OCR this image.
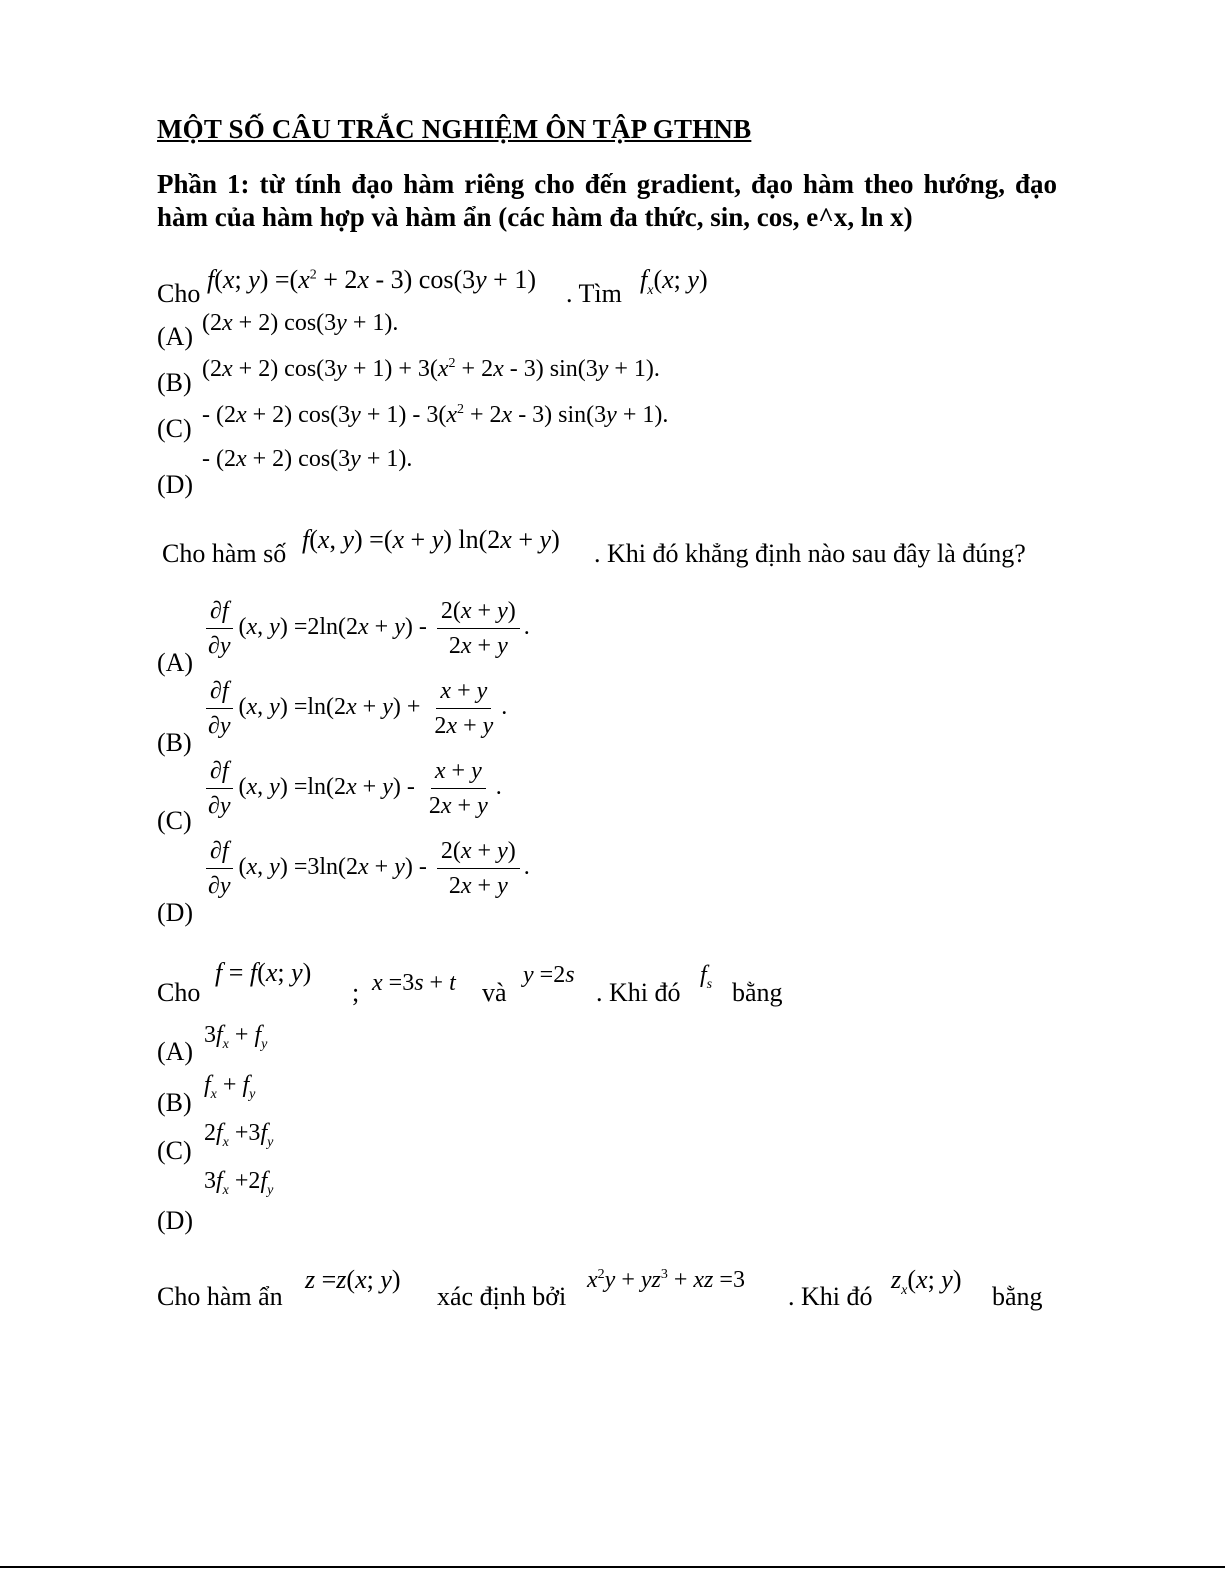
MỘT SỐ CÂU TRẮC NGHIỆM ÔN TẬP GTHNB
Phần 1: từ tính đạo hàm riêng cho đến gradient, đạo hàm theo hướng, đạo hàm của hàm hợp và hàm ẩn (các hàm đa thức, sin, cos, e^x, ln x)
Cho f(x; $y) =(x^2 + 2x - 3) \cos(3y + 1)$ . Tìm $f_x(x$; y)
(A) (2x + 2) cos(3y + 1).
(B) (2x + 2) $\cos(3y + 1) + 3(x^2 + 2x - 3) \sin(3y + 1)$.
(C) - (2x + 2) $\cos(3y + 1) - 3(x^2 + 2x - 3) \sin(3y + 1)$.
- (2x + 2) cos(3y + 1).
(D)
Cho hàm số f(x, y) =(x + y) ln(2x + y) . Khi đó khẳng định nào sau đây là đúng?
$\frac{\partial f}{\partial y} (x$, $y) =2\ln(2x + y) - \frac{2(x + y)}{2x + y}$ .
(A)
$\frac{\partial f}{\partial y} (x$, $y) =\ln(2x + y) + \frac{x + y}{2x + y}$ .
(B)
$\frac{\partial f}{\partial y} (x$, $y) =\ln(2x + y) - \frac{x + y}{2x + y}$ .
(C)
$\frac{\partial f}{\partial y} (x$, $y) =3\ln(2x + y) - \frac{2(x + y)}{2x + y}$ .
(D)
Cho
f = f(x; y)
; x =3s + t và
y =2s
. Khi đó
$f_s$ bằng
(A)
$3f_x + f_y$
(B)
$f_x + f_y$
(C)
$2f_x +3f_y$
$3f_x +2f_y$
(D)
Cho hàm ẩn
z =z(x; y)
xác định bởi
$x^2y + yz^3$ + xz =3
. Khi đó
$z_x(x$; y)
bằng
